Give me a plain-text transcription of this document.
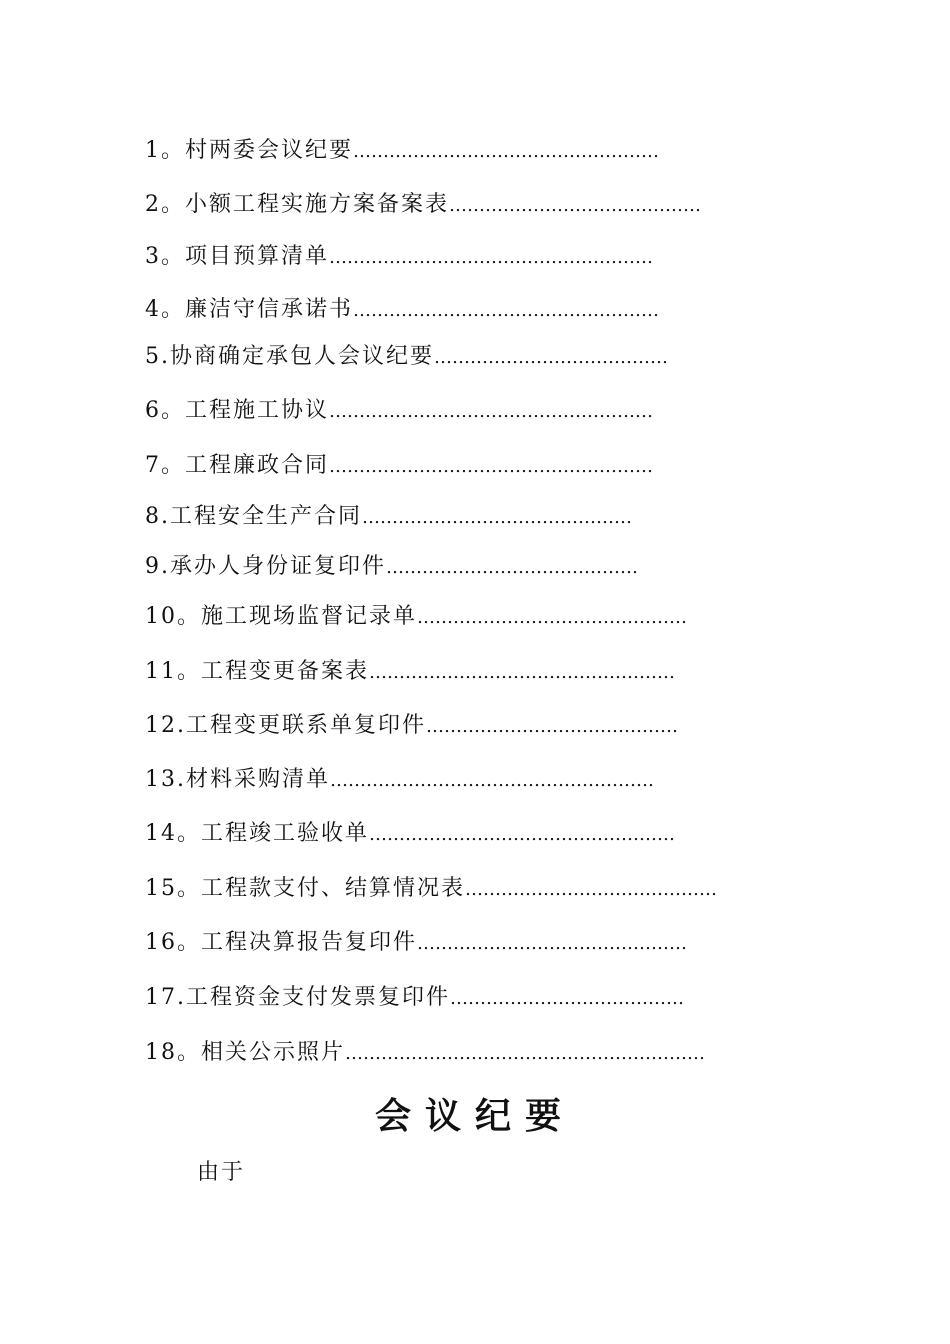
1。村两委会议纪要……………………………………………
2。小额工程实施方案备案表……………………………………
3。项目预算清单………………………………………………
4。廉洁守信承诺书……………………………………………
5.协商确定承包人会议纪要…………………………………
6。工程施工协议………………………………………………
7。工程廉政合同………………………………………………
8.工程安全生产合同………………………………………
9.承办人身份证复印件……………………………………
10。施工现场监督记录单………………………………………
11。工程变更备案表……………………………………………
12.工程变更联系单复印件……………………………………
13.材料采购清单………………………………………………
14。工程竣工验收单……………………………………………
15。工程款支付、结算情况表……………………………………
16。工程决算报告复印件………………………………………
17.工程资金支付发票复印件…………………………………
18。相关公示照片……………………………………………………
会议纪要
由于
